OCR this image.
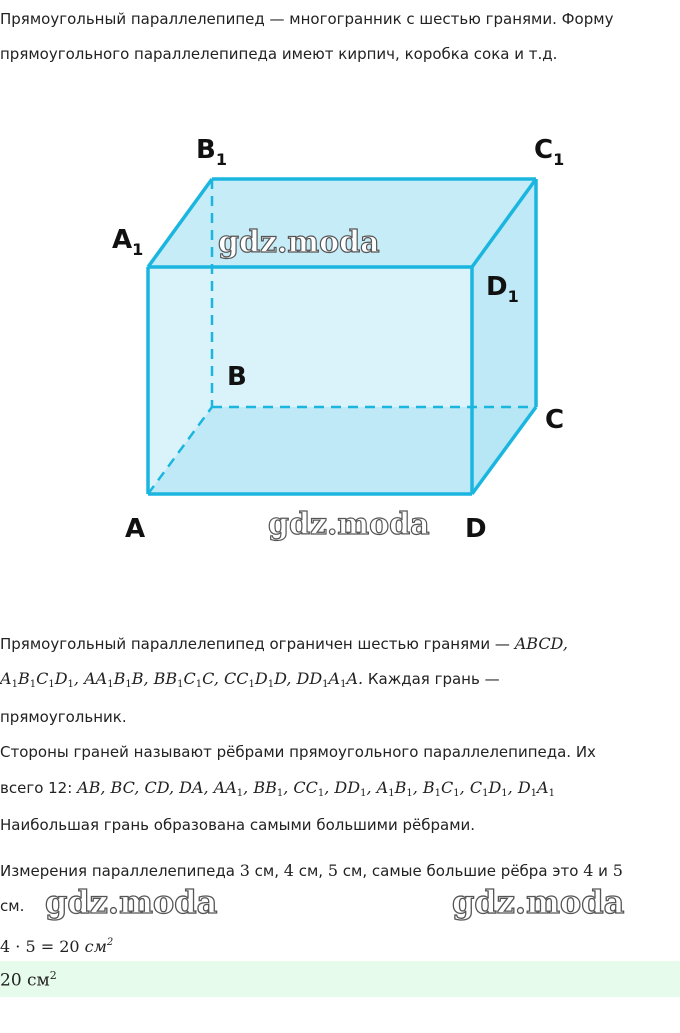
Прямоугольный параллелепипед — многогранник с шестью гранями. Форму

прямоугольного параллелепипеда имеют кирпич, коробка сока и т.д.

gdz.moda
gdz.moda
$B_1$	$C_1$
$A_1$
$D_1$
B
C
A	D

Прямоугольный параллелепипед ограничен шестью гранями — ABCD,

$A_1B_1C_1D_1$, $AA_1B_1B$, $BB_1C_1C$, $CC_1D_1D$, $DD_1A_1A$. Каждая грань —

прямоугольник.

Стороны граней называют рёбрами прямоугольного параллелепипеда. Их

всего 12: AB, BC, CD, DA, $AA_1$, $BB_1$, $CC_1$, $DD_1$, $A_1B_1$, $B_1C_1$, $C_1D_1$, $D_1A_1$

Наибольшая грань образована самыми большими рёбрами.

Измерения параллелепипеда 3 см, 4 см, 5 см, самые большие рёбра это 4 и 5

см. gdz.moda	gdz.moda

4 · 5 = 20 $см^2$

20 $см^2$
